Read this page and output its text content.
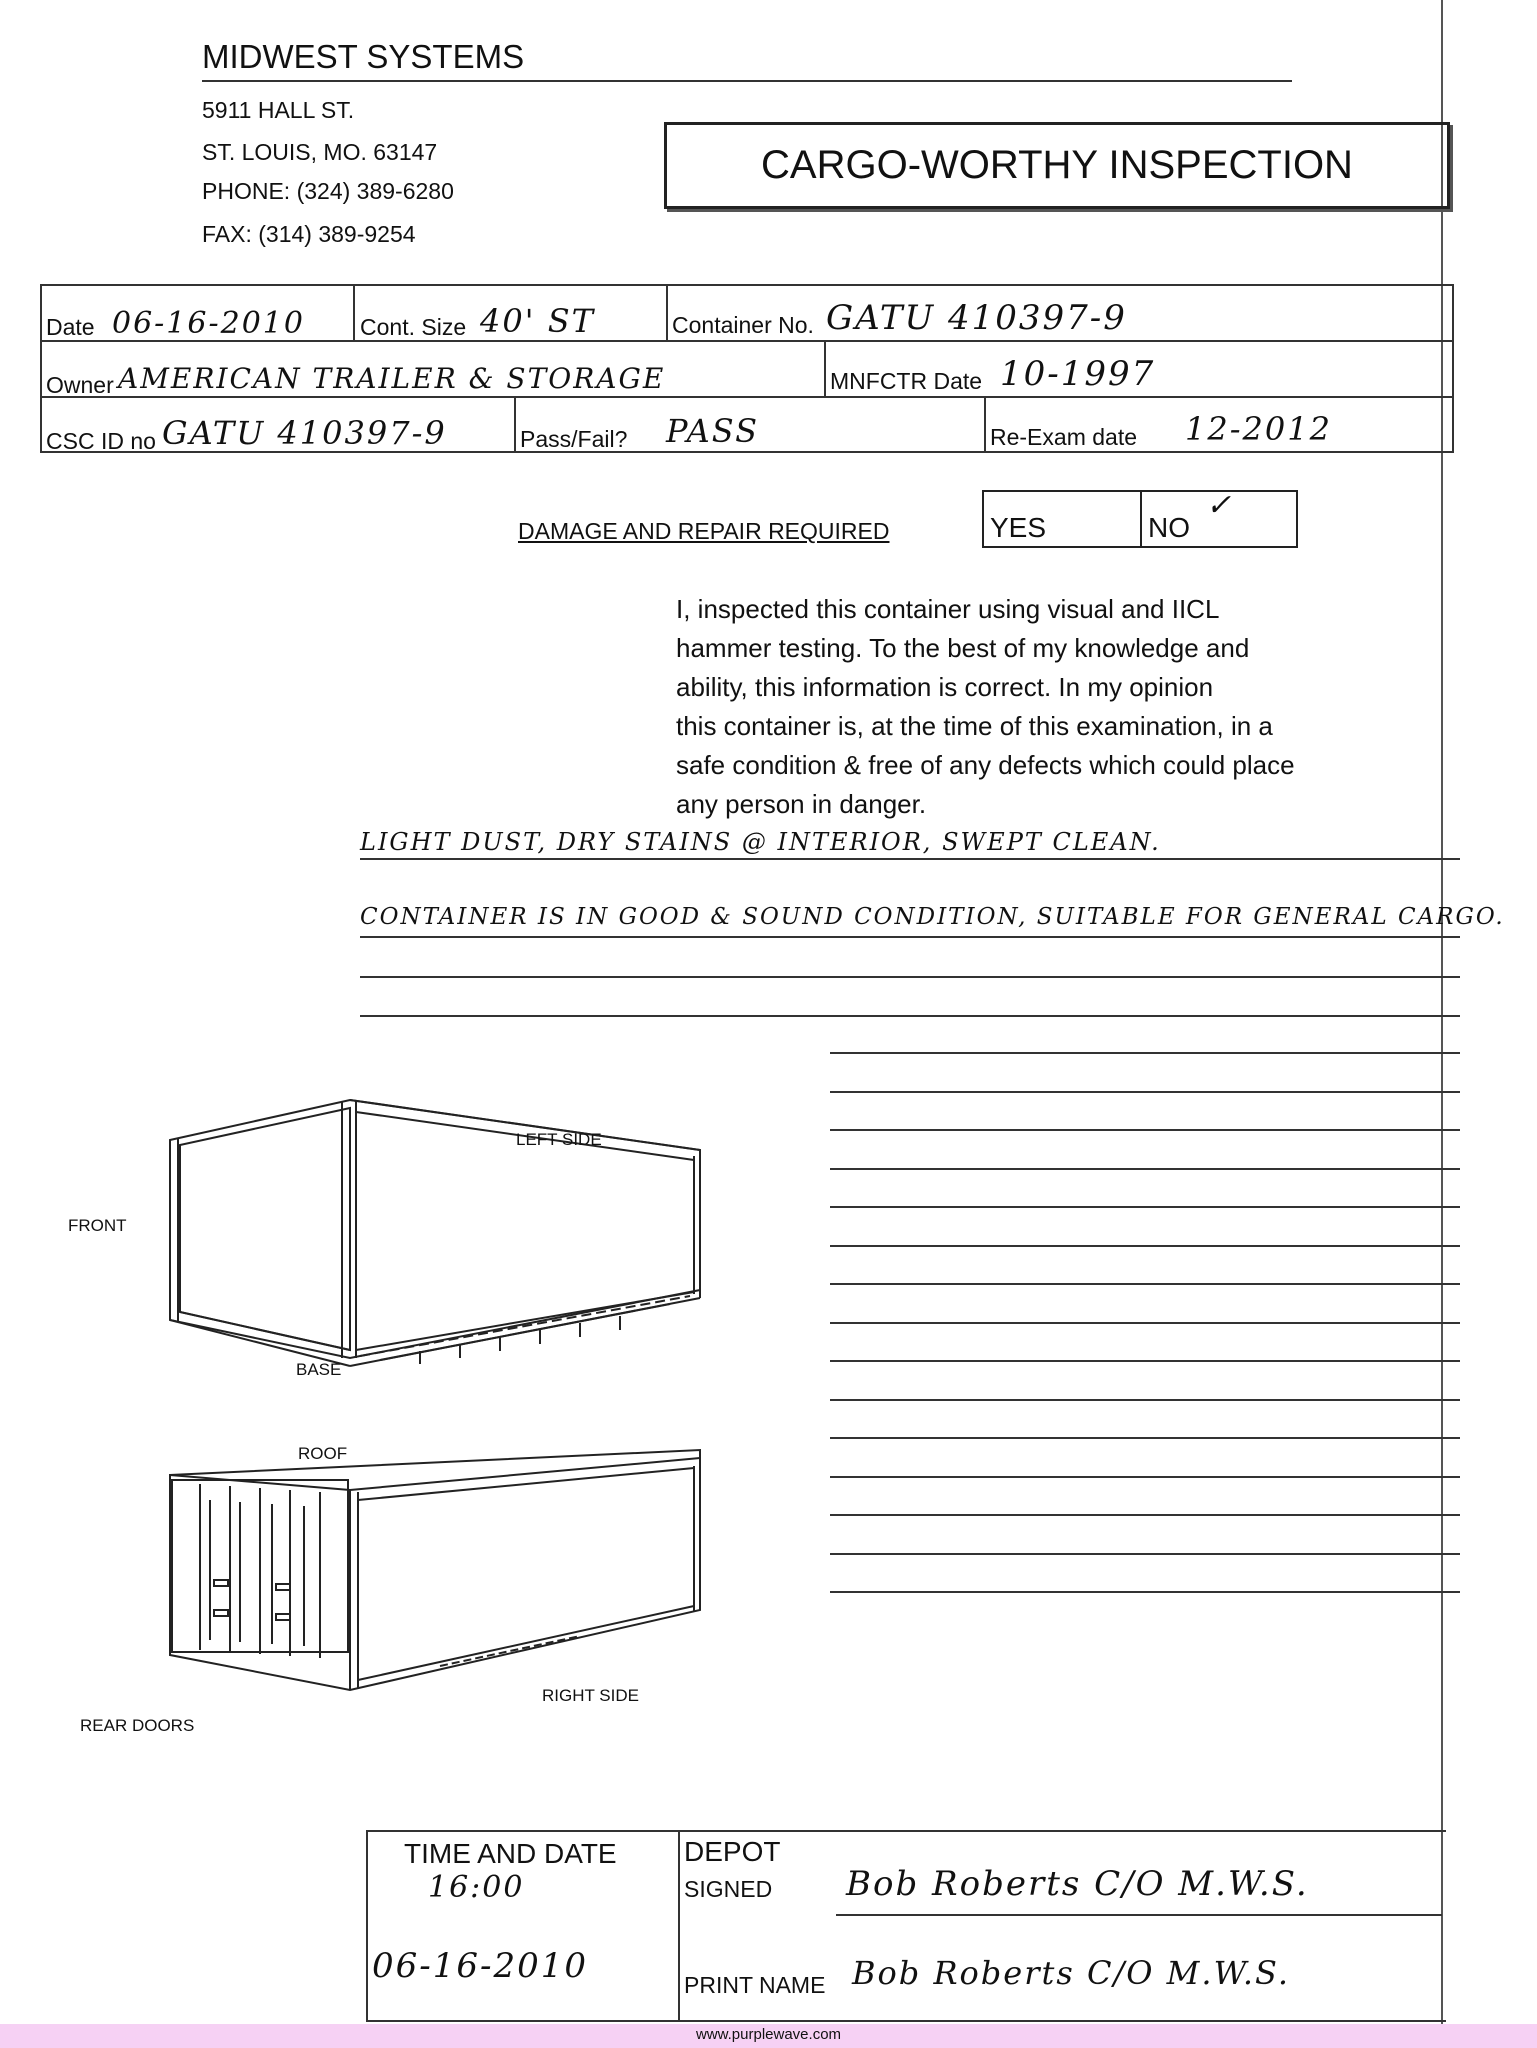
MIDWEST SYSTEMS
5911 HALL ST.
ST. LOUIS, MO. 63147
PHONE: (324) 389-6280
FAX: (314) 389-9254
CARGO-WORTHY INSPECTION
Date 06-16-2010 Cont. Size 40' ST	Container No. GATU 410397-9
Owner AMERICAN TRAILER & STORAGE	MNFCTR Date 10-1997
CSC ID no GATU 410397-9	Pass/Fail? PASS	Re-Exam date 12-2012
DAMAGE AND REPAIR REQUIRED	YES	NO
✓
I, inspected this container using visual and IICL
hammer testing. To the best of my knowledge and
ability, this information is correct. In my opinion
this container is, at the time of this examination, in a
safe condition & free of any defects which could place
any person in danger.
LIGHT DUST, DRY STAINS @ INTERIOR, SWEPT CLEAN.
CONTAINER IS IN GOOD & SOUND CONDITION, SUITABLE FOR GENERAL CARGO.
LEFT SIDE
FRONT
BASE
ROOF
RIGHT SIDE
REAR DOORS
TIME AND DATE
16:00
06-16-2010
DEPOT
SIGNED Bob Roberts C/O M.W.S.
PRINT NAME Bob Roberts C/O M.W.S.
www.purplewave.com
